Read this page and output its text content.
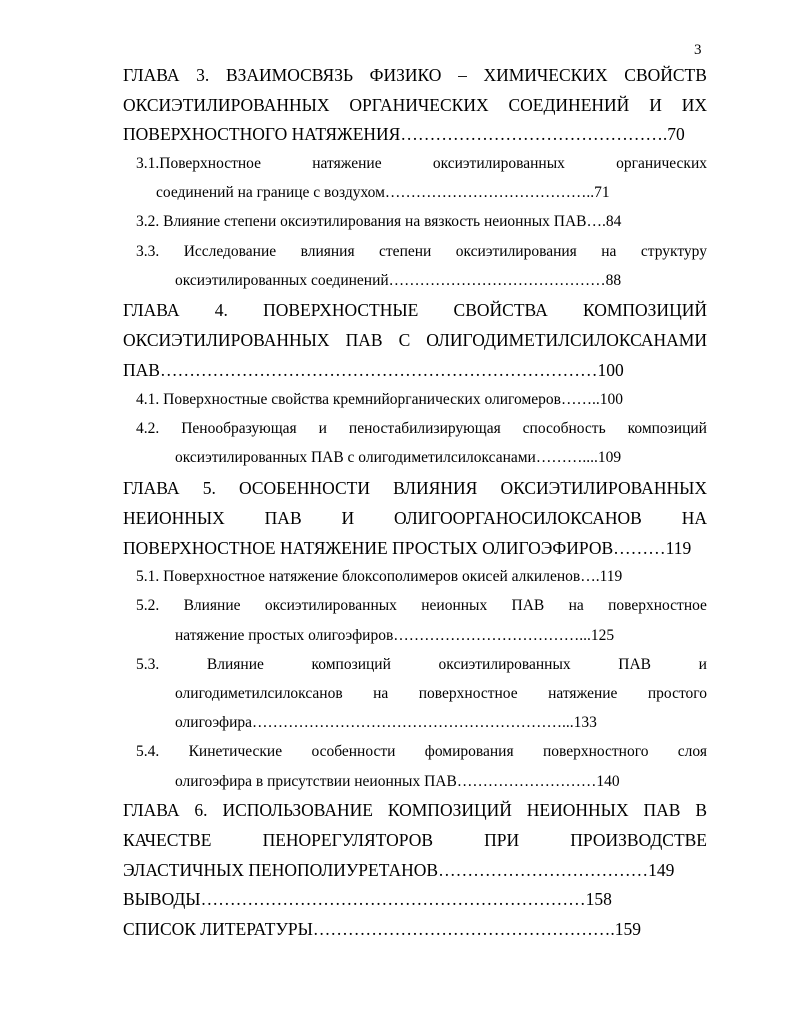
3
ГЛАВА 3. ВЗАИМОСВЯЗЬ ФИЗИКО – ХИМИЧЕСКИХ СВОЙСТВ
ОКСИЭТИЛИРОВАННЫХ ОРГАНИЧЕСКИХ СОЕДИНЕНИЙ И ИХ
ПОВЕРХНОСТНОГО НАТЯЖЕНИЯ……………………………………….70
3.1.Поверхностное	натяжение	оксиэтилированных	органических
соединений на границе с воздухом…………………………………..71
3.2. Влияние степени оксиэтилирования на вязкость неионных ПАВ….84
3.3. Исследование влияния степени оксиэтилирования на структуру
оксиэтилированных соединений……………………………………88
ГЛАВА 4. ПОВЕРХНОСТНЫЕ СВОЙСТВА КОМПОЗИЦИЙ
ОКСИЭТИЛИРОВАННЫХ ПАВ С ОЛИГОДИМЕТИЛСИЛОКСАНАМИ
ПАВ…………………………………………………………………100
4.1. Поверхностные свойства кремнийорганических олигомеров……..100
4.2. Пенообразующая и пеностабилизирующая способность композиций
оксиэтилированных ПАВ с олигодиметилсилоксанами………....109
ГЛАВА 5. ОСОБЕННОСТИ ВЛИЯНИЯ ОКСИЭТИЛИРОВАННЫХ
НЕИОННЫХ ПАВ И ОЛИГООРГАНОСИЛОКСАНОВ НА
ПОВЕРХНОСТНОЕ НАТЯЖЕНИЕ ПРОСТЫХ ОЛИГОЭФИРОВ………119
5.1. Поверхностное натяжение блоксополимеров окисей алкиленов….119
5.2. Влияние оксиэтилированных неионных ПАВ на поверхностное
натяжение простых олигоэфиров………………………………...125
5.3.	Влияние	композиций	оксиэтилированных	ПАВ	и
олигодиметилсилоксанов на поверхностное натяжение простого
олигоэфира……………………………………………………...133
5.4. Кинетические особенности фомирования поверхностного слоя
олигоэфира в присутствии неионных ПАВ………………………140
ГЛАВА 6. ИСПОЛЬЗОВАНИЕ КОМПОЗИЦИЙ НЕИОННЫХ ПАВ В
КАЧЕСТВЕ	ПЕНОРЕГУЛЯТОРОВ	ПРИ	ПРОИЗВОДСТВЕ
ЭЛАСТИЧНЫХ ПЕНОПОЛИУРЕТАНОВ………………………………149
ВЫВОДЫ…………………………………………………………158
СПИСОК ЛИТЕРАТУРЫ…………………………………………….159
